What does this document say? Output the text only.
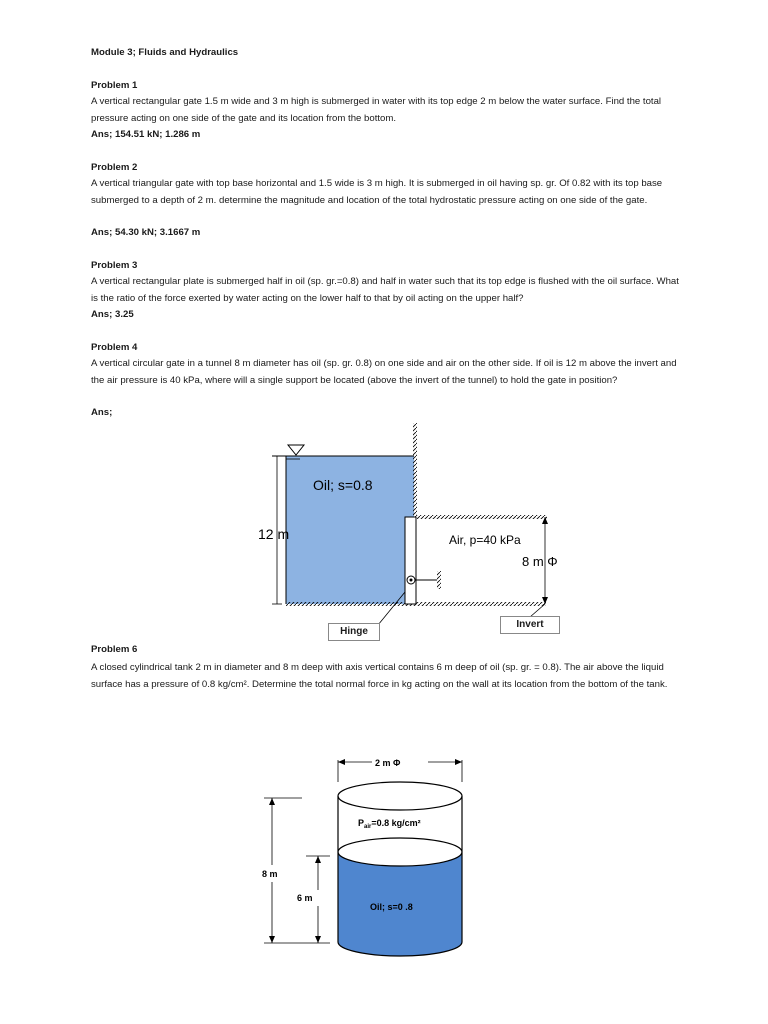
Module 3; Fluids and Hydraulics
Problem 1
A vertical rectangular gate 1.5 m wide and 3 m high is submerged in water with its top edge 2 m below the water surface. Find the total pressure acting on one side of the gate and its location from the bottom.
Ans; 154.51 kN; 1.286 m
Problem 2
A vertical triangular gate with top base horizontal and 1.5 wide is 3 m high. It is submerged in oil having sp. gr. Of 0.82 with its top base submerged to a depth of 2 m. determine the magnitude and location of the total hydrostatic pressure acting on one side of the gate.
Ans; 54.30 kN; 3.1667 m
Problem 3
A vertical rectangular plate is submerged half in oil (sp. gr.=0.8) and half in water such that its top edge is flushed with the oil surface. What is the ratio of the force exerted by water acting on the lower half to that by oil acting on the upper half?
Ans; 3.25
Problem 4
A vertical circular gate in a tunnel 8 m diameter has oil (sp. gr. 0.8) on one side and air on the other side. If oil is 12 m above the invert and the air pressure is 40 kPa, where will a single support be located (above the invert of the tunnel) to hold the gate in position?
Ans;
Oil; s=0.8
12 m	Air, p=40 kPa
8 m Φ
Hinge
Invert
Problem 6
A closed cylindrical tank 2 m in diameter and 8 m deep with axis vertical contains 6 m deep of oil (sp. gr. = 0.8). The air above the liquid surface has a pressure of 0.8 kg/cm². Determine the total normal force in kg acting on the wall at its location from the bottom of the tank.
2 m Φ
8 m
6 m
$P_{air}=0.8$ kg/cm²
Oil; s=0 .8
